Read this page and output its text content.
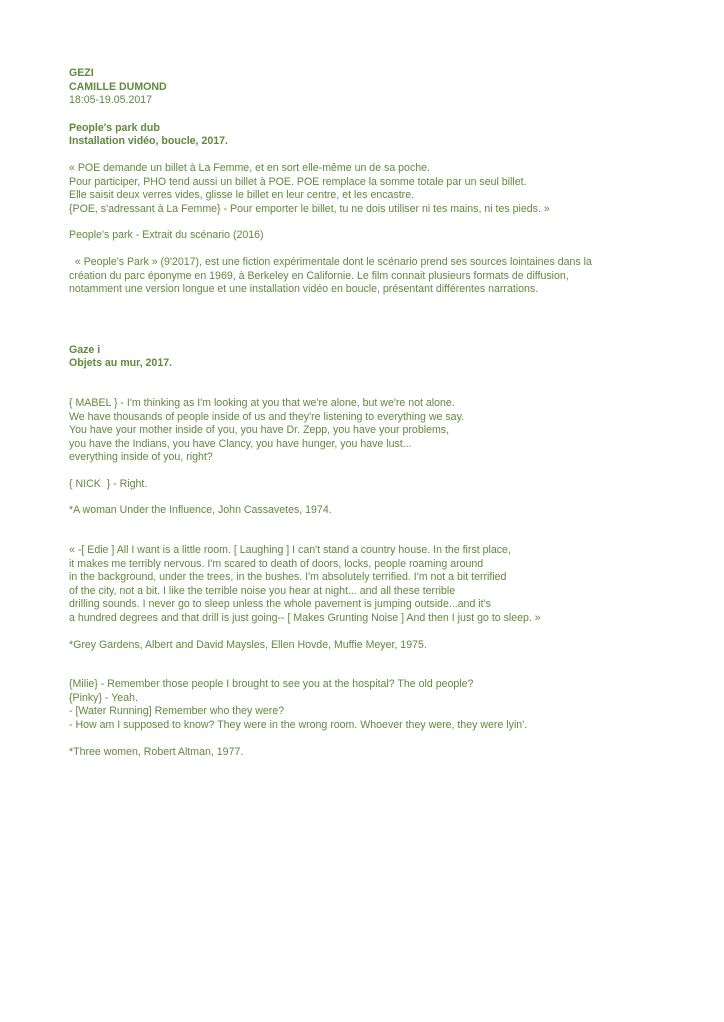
GEZI
CAMILLE DUMOND
18:05-19.05.2017
People's park dub
Installation vidéo, boucle, 2017.
« POE demande un billet à La Femme, et en sort elle-même un de sa poche.
Pour participer, PHO tend aussi un billet à POE. POE remplace la somme totale par un seul billet.
Elle saisit deux verres vides, glisse le billet en leur centre, et les encastre.
{POE, s'adressant à La Femme} - Pour emporter le billet, tu ne dois utiliser ni tes mains, ni tes pieds. »
People's park - Extrait du scénario (2016)
« People's Park » (9'2017), est une fiction expérimentale dont le scénario prend ses sources lointaines dans la
création du parc éponyme en 1969, à Berkeley en Californie. Le film connait plusieurs formats de diffusion,
notamment une version longue et une installation vidéo en boucle, présentant différentes narrations.
Gaze i
Objets au mur, 2017.
{ MABEL } - I'm thinking as I'm looking at you that we're alone, but we're not alone.
We have thousands of people inside of us and they're listening to everything we say.
You have your mother inside of you, you have Dr. Zepp, you have your problems,
you have the Indians, you have Clancy, you have hunger, you have lust...
everything inside of you, right?
{ NICK  } - Right.
*A woman Under the Influence, John Cassavetes, 1974.
« -[ Edie ] All I want is a little room. [ Laughing ] I can't stand a country house. In the first place,
it makes me terribly nervous. I'm scared to death of doors, locks, people roaming around
in the background, under the trees, in the bushes. I'm absolutely terrified. I'm not a bit terrified
of the city, not a bit. I like the terrible noise you hear at night... and all these terrible
drilling sounds. I never go to sleep unless the whole pavement is jumping outside...and it's
a hundred degrees and that drill is just going-- [ Makes Grunting Noise ] And then I just go to sleep. »
*Grey Gardens, Albert and David Maysles, Ellen Hovde, Muffie Meyer, 1975.
{Milie} - Remember those people I brought to see you at the hospital? The old people?
{Pinky} - Yeah.
- [Water Running] Remember who they were?
- How am I supposed to know? They were in the wrong room. Whoever they were, they were lyin'.
*Three women, Robert Altman, 1977.
